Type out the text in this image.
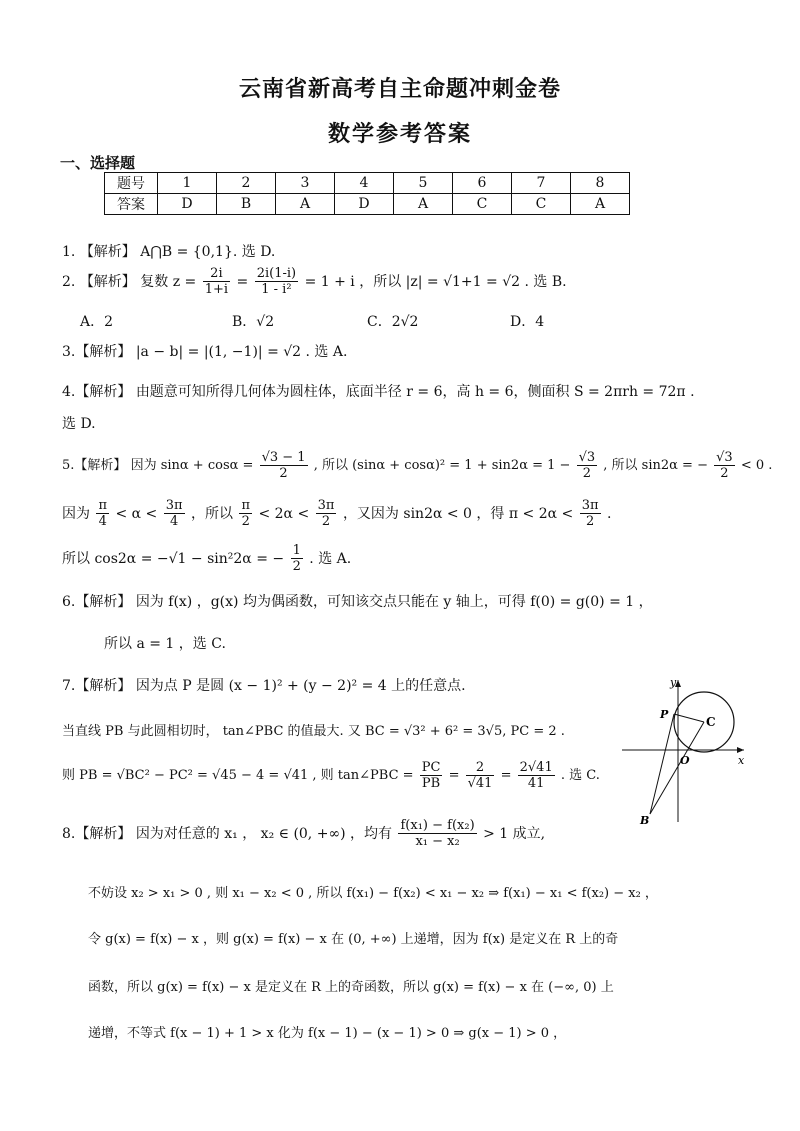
云南省新高考自主命题冲刺金卷
数学参考答案
一、选择题
题号	1	2	3	4	5	6	7	8
答案	D	B	A	D	A	C	C	A
1. 【解析】 A⋂B = {0,1}. 选 D.
2. 【解析】 复数 $z = \frac{2i}{1+i} = \frac{2i(1-i)}{\text{1 - i²}} = 1 + i$ ，所以 |z| = √1+1 = √2 . 选 B.
A．2	B．√2	C．2√2	D．4
3.【解析】 |a − b| = |(1, −1)| = √2 . 选 A.
4.【解析】 由题意可知所得几何体为圆柱体，底面半径 r = 6，高 h = 6，侧面积 S = 2πrh = 72π .
选 D.
5.【解析】 因为 $\sin\alpha + \cos\alpha = \frac{√3 - 1}{2}$ , 所以 $(\sin\alpha + \cos\alpha)^2 = 1 + \sin 2\alpha = 1 - \frac{√3}{2}$ , 所以 sin2α = − $\frac{√3}{2} < 0$ .
因为 $\frac{\pi}{4} < \alpha < \frac{3\pi}{4}$ ，所以 $\frac{\pi}{2} < 2\alpha < \frac{3\pi}{2}$ ，又因为 sin2α < 0 ，得 $\pi < 2\alpha < \frac{3\pi}{2}$ .
所以 cos2α = −√1 − sin²2α = − $\frac{1}{2}$ . 选 A.
6.【解析】 因为 f(x) ，g(x) 均为偶函数，可知该交点只能在 y 轴上，可得 f(0) = g(0) = 1 ，
所以 a = 1 ，选 C.
7.【解析】 因为点 P 是圆 (x − 1)² + (y − 2)² = 4 上的任意点.
当直线 PB 与此圆相切时， tan∠PBC 的值最大. 又 BC = √3² + 6² = 3√5, PC = 2 .
则 PB = √BC² − PC² = √45 − 4 = √41 , 则 tan∠PBC = $\frac{PC}{PB} = \frac{2}{√41} = \frac{2√41}{41}$ . 选 C.
y
x
P
C
O
B
8.【解析】 因为对任意的 x₁ ， x₂ ∈ (0, +∞) ，均有 $\frac{\text{f(x₁) − f(x₂)}}{\text{x₁ − x₂}} > 1$ 成立,
不妨设 x₂ > x₁ > 0 , 则 x₁ − x₂ < 0 , 所以 f(x₁) − f(x₂) < x₁ − x₂ ⇒ f(x₁) − x₁ < f(x₂) − x₂ ，
令 g(x) = f(x) − x ，则 g(x) = f(x) − x 在 (0, +∞) 上递增，因为 f(x) 是定义在 R 上的奇
函数，所以 g(x) = f(x) − x 是定义在 R 上的奇函数，所以 g(x) = f(x) − x 在 (−∞, 0) 上
递增，不等式 f(x − 1) + 1 > x 化为 f(x − 1) − (x − 1) > 0 ⇒ g(x − 1) > 0 ，
